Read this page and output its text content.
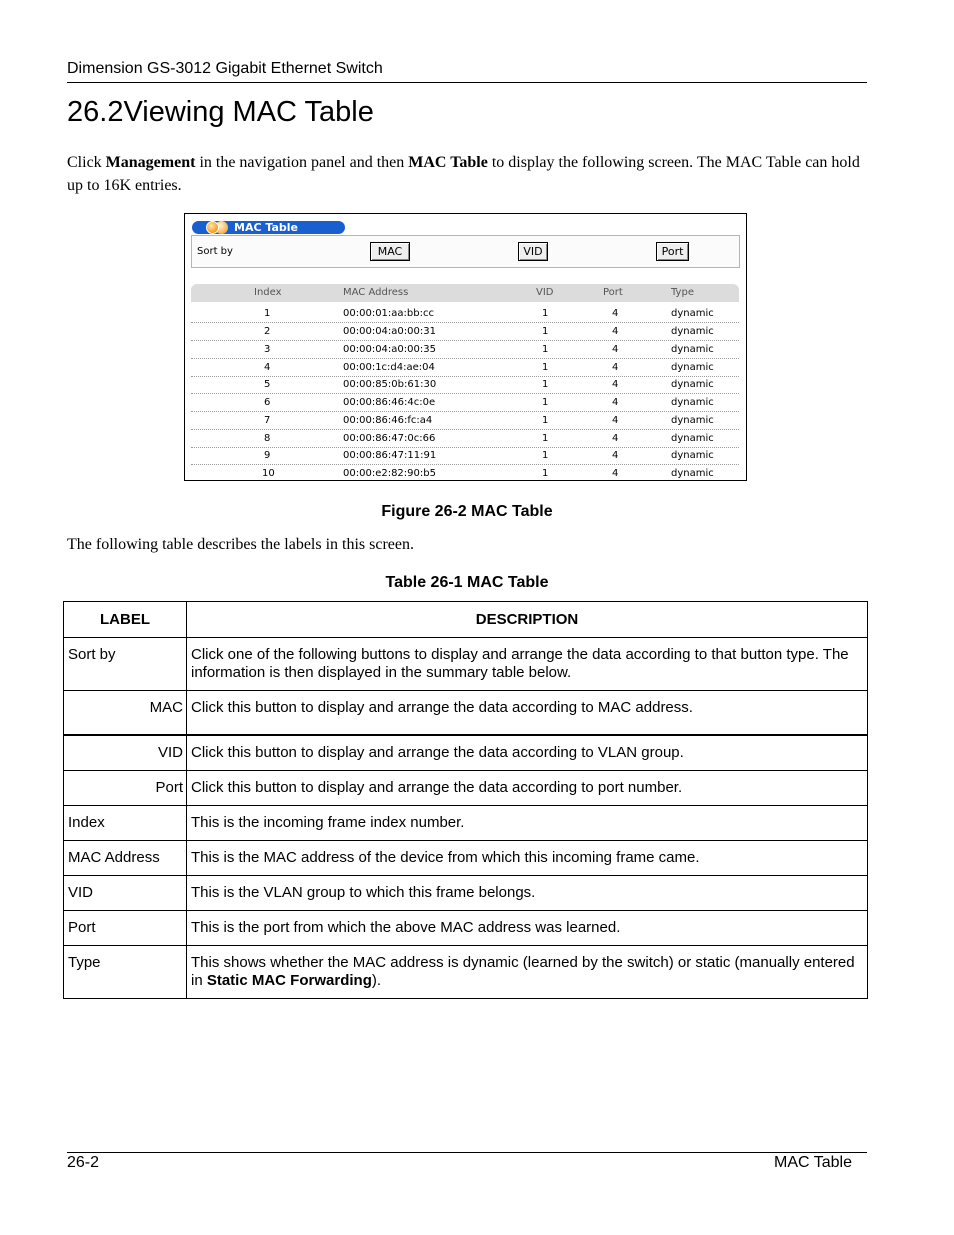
Dimension GS-3012 Gigabit Ethernet Switch
26.2Viewing MAC Table

Click Management in the navigation panel and then MAC Table to display the following screen. The MAC Table can hold up to 16K entries.

MAC Table
Sort by	MAC	VID	Port
Index	MAC Address	VID	Port	Type
1	00:00:01:aa:bb:cc	1	4	dynamic
2	00:00:04:a0:00:31	1	4	dynamic
3	00:00:04:a0:00:35	1	4	dynamic
4	00:00:1c:d4:ae:04	1	4	dynamic
5	00:00:85:0b:61:30	1	4	dynamic
6	00:00:86:46:4c:0e	1	4	dynamic
7	00:00:86:46:fc:a4	1	4	dynamic
8	00:00:86:47:0c:66	1	4	dynamic
9	00:00:86:47:11:91	1	4	dynamic
10	00:00:e2:82:90:b5	1	4	dynamic
Figure 26-2 MAC Table

The following table describes the labels in this screen.

Table 26-1 MAC Table
LABEL	DESCRIPTION
Sort by	Click one of the following buttons to display and arrange the data according to that button type. The information is then displayed in the summary table below.
MAC	Click this button to display and arrange the data according to MAC address.
VID	Click this button to display and arrange the data according to VLAN group.
Port	Click this button to display and arrange the data according to port number.
Index	This is the incoming frame index number.
MAC Address	This is the MAC address of the device from which this incoming frame came.
VID	This is the VLAN group to which this frame belongs.
Port	This is the port from which the above MAC address was learned.
Type	This shows whether the MAC address is dynamic (learned by the switch) or static (manually entered in Static MAC Forwarding).
26-2	MAC Table
